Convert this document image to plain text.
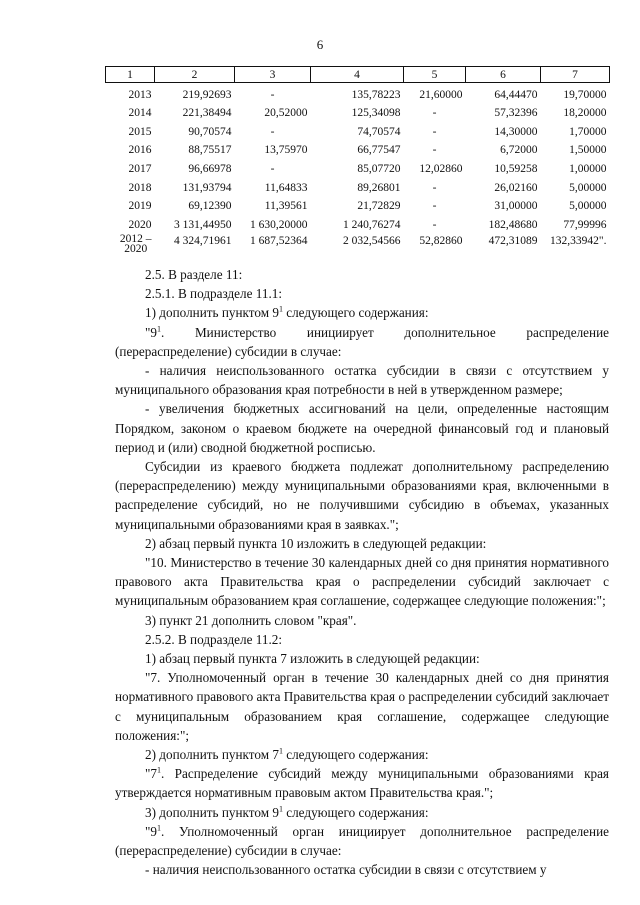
6
1	2	3	4	5	6	7
2013	219,92693	-	135,78223	21,60000	64,44470	19,70000
2014	221,38494	20,52000	125,34098	-	57,32396	18,20000
2015	90,70574	-	74,70574	-	14,30000	1,70000
2016	88,75517	13,75970	66,77547	-	6,72000	1,50000
2017	96,66978	-	85,07720	12,02860	10,59258	1,00000
2018	131,93794	11,64833	89,26801	-	26,02160	5,00000
2019	69,12390	11,39561	21,72829	-	31,00000	5,00000
2020	3 131,44950	1 630,20000	1 240,76274	-	182,48680	77,99996
2012 –
2020	4 324,71961	1 687,52364	2 032,54566	52,82860	472,31089	132,33942".

2.5. В разделе 11:

2.5.1. В подразделе 11.1:

1) дополнить пунктом $9^1$ следующего содержания:

"$9^1$. Министерство инициирует дополнительное распределение (перераспределение) субсидии в случае:

- наличия неиспользованного остатка субсидии в связи с отсутствием у муниципального образования края потребности в ней в утвержденном размере;

- увеличения бюджетных ассигнований на цели, определенные настоящим Порядком, законом о краевом бюджете на очередной финансовый год и плановый период и (или) сводной бюджетной росписью.

Субсидии из краевого бюджета подлежат дополнительному распределению (перераспределению) между муниципальными образованиями края, включенными в распределение субсидий, но не получившими субсидию в объемах, указанных муниципальными образованиями края в заявках.";

2) абзац первый пункта 10 изложить в следующей редакции:

"10. Министерство в течение 30 календарных дней со дня принятия нормативного правового акта Правительства края о распределении субсидий заключает с муниципальным образованием края соглашение, содержащее следующие положения:";

3) пункт 21 дополнить словом "края".

2.5.2. В подразделе 11.2:

1) абзац первый пункта 7 изложить в следующей редакции:

"7. Уполномоченный орган в течение 30 календарных дней со дня принятия нормативного правового акта Правительства края о распределении субсидий заключает с муниципальным образованием края соглашение, содержащее следующие положения:";

2) дополнить пунктом $7^1$ следующего содержания:

"$7^1$. Распределение субсидий между муниципальными образованиями края утверждается нормативным правовым актом Правительства края.";

3) дополнить пунктом $9^1$ следующего содержания:

"$9^1$. Уполномоченный орган инициирует дополнительное распределение (перераспределение) субсидии в случае:

- наличия неиспользованного остатка субсидии в связи с отсутствием у
